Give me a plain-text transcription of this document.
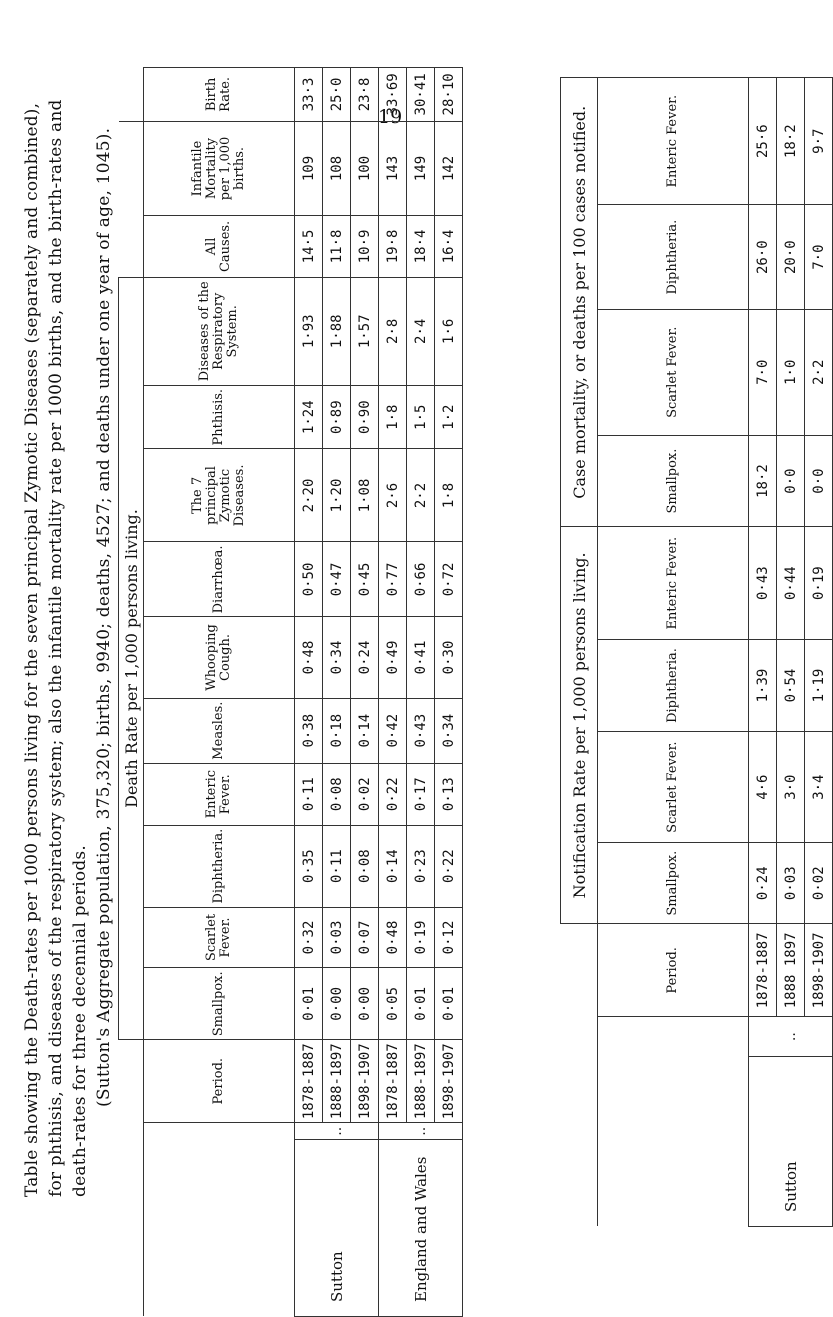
19
Table showing the Death-rates per 1000 persons living for the seven principal Zymotic Diseases (separately and combined), for phthisis, and diseases of the respiratory system; also the infantile mortality rate per 1000 births, and the birth-rates and death-rates for three decennial periods. (Sutton's Aggregate population, 375,320; births, 9940; deaths, 4527; and deaths under one year of age, 1045).
			Death Rate per 1,000 persons living.												
		Period.	Smallpox.	Scarlet Fever.	Diphtheria.	Enteric Fever.	Measles.	Whooping Cough.	Diarrhœa.	The 7 principal Zymotic Diseases.	Phthisis.	Diseases of the Respiratory System.	All Causes.	Infantile Mortality per 1,000 births.	Birth Rate.
Sutton	..	1878-1887	0·01	0·32	0·35	0·11	0·38	0·48	0·50	2·20	1·24	1·93	14·5	109	33·3
		1888-1897	0·00	0·03	0·11	0·08	0·18	0·34	0·47	1·20	0·89	1·88	11·8	108	25·0
		1898-1907	0·00	0·07	0·08	0·02	0·14	0·24	0·45	1·08	0·90	1·57	10·9	100	23·8
England and Wales	..	1878-1887	0·05	0·48	0·14	0·22	0·42	0·49	0·77	2·6	1·8	2·8	19·8	143	33·69
		1888-1897	0·01	0·19	0·23	0·17	0·43	0·41	0·66	2·2	1·5	2·4	18·4	149	30·41
		1898-1907	0·01	0·12	0·22	0·13	0·34	0·30	0·72	1·8	1·2	1·6	16·4	142	28·10
			Notification Rate per 1,000 persons living.				Case mortality, or deaths per 100 cases notified.			
		Period.	Smallpox.	Scarlet Fever.	Diphtheria.	Enteric Fever.	Smallpox.	Scarlet Fever.	Diphtheria.	Enteric Fever.
Sutton	..	1878-1887	0·24	4·6	1·39	0·43	18·2	7·0	26·0	25·6
		1888 1897	0·03	3·0	0·54	0·44	0·0	1·0	20·0	18·2
		1898-1907	0·02	3·4	1·19	0·19	0·0	2·2	7·0	9·7
